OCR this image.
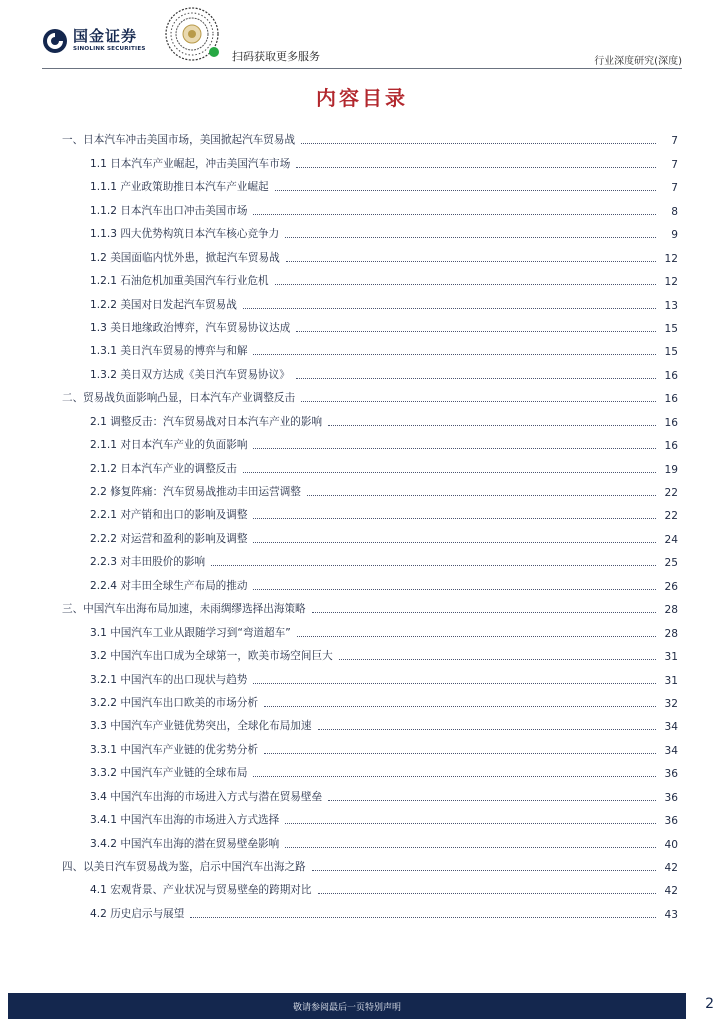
国金证券
SINOLINK SECURITIES
扫码获取更多服务	行业深度研究(深度)
内容目录
一、日本汽车冲击美国市场，美国掀起汽车贸易战	7
1.1 日本汽车产业崛起，冲击美国汽车市场	7
1.1.1 产业政策助推日本汽车产业崛起	7
1.1.2 日本汽车出口冲击美国市场	8
1.1.3 四大优势构筑日本汽车核心竞争力	9
1.2 美国面临内忧外患，掀起汽车贸易战	12
1.2.1 石油危机加重美国汽车行业危机	12
1.2.2 美国对日发起汽车贸易战	13
1.3 美日地缘政治博弈，汽车贸易协议达成	15
1.3.1 美日汽车贸易的博弈与和解	15
1.3.2 美日双方达成《美日汽车贸易协议》	16
二、贸易战负面影响凸显，日本汽车产业调整反击	16
2.1 调整反击：汽车贸易战对日本汽车产业的影响	16
2.1.1 对日本汽车产业的负面影响	16
2.1.2 日本汽车产业的调整反击	19
2.2 修复阵痛：汽车贸易战推动丰田运营调整	22
2.2.1 对产销和出口的影响及调整	22
2.2.2 对运营和盈利的影响及调整	24
2.2.3 对丰田股价的影响	25
2.2.4 对丰田全球生产布局的推动	26
三、中国汽车出海布局加速，未雨绸缪选择出海策略	28
3.1 中国汽车工业从跟随学习到“弯道超车”	28
3.2 中国汽车出口成为全球第一，欧美市场空间巨大	31
3.2.1 中国汽车的出口现状与趋势	31
3.2.2 中国汽车出口欧美的市场分析	32
3.3 中国汽车产业链优势突出，全球化布局加速	34
3.3.1 中国汽车产业链的优劣势分析	34
3.3.2 中国汽车产业链的全球布局	36
3.4 中国汽车出海的市场进入方式与潜在贸易壁垒	36
3.4.1 中国汽车出海的市场进入方式选择	36
3.4.2 中国汽车出海的潜在贸易壁垒影响	40
四、以美日汽车贸易战为鉴，启示中国汽车出海之路	42
4.1 宏观背景、产业状况与贸易壁垒的跨期对比	42
4.2 历史启示与展望	43
敬请参阅最后一页特别声明	2
